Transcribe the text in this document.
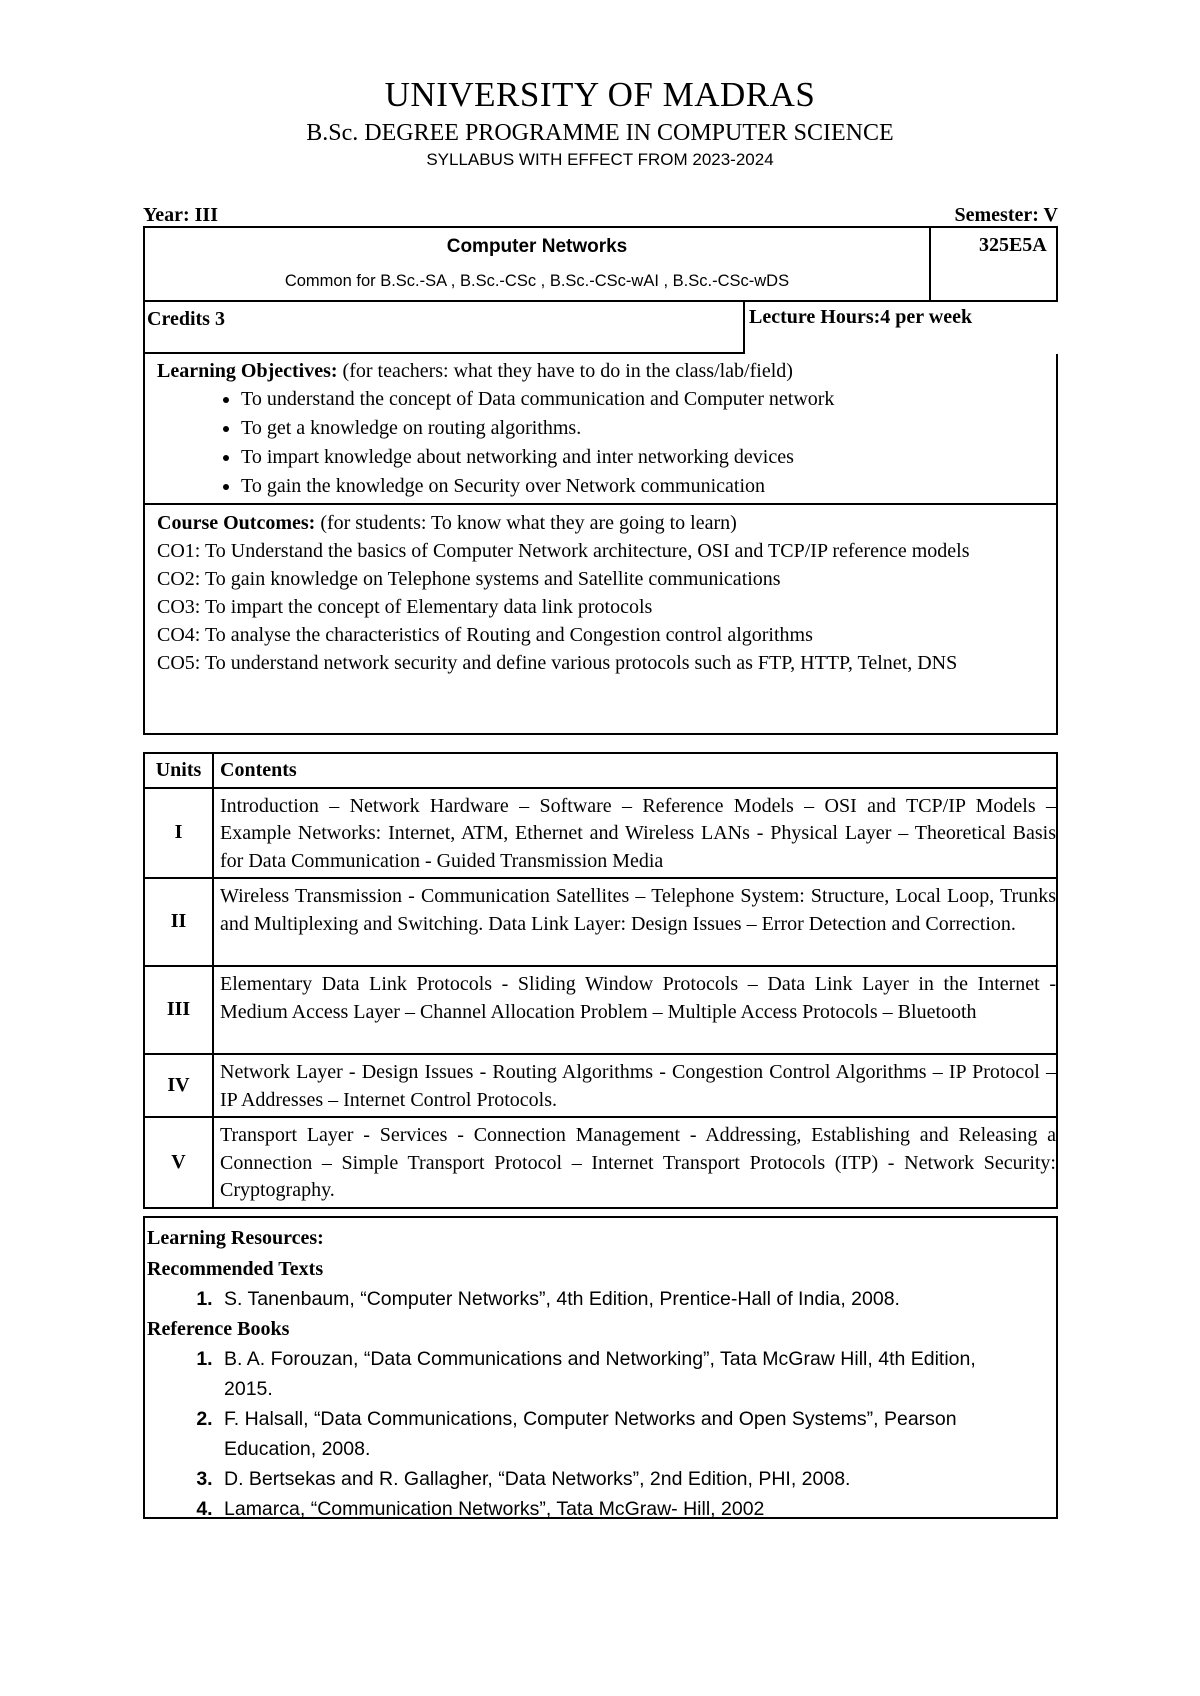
UNIVERSITY OF MADRAS
B.Sc. DEGREE PROGRAMME IN COMPUTER SCIENCE
SYLLABUS WITH EFFECT FROM 2023-2024
Year: III	Semester: V
Computer Networks
Common for B.Sc.-SA , B.Sc.-CSc , B.Sc.-CSc-wAI , B.Sc.-CSc-wDS
	325E5A
Credits 3

Learning Objectives: (for teachers: what they have to do in the class/lab/field)
• To understand the concept of Data communication and Computer network
• To get a knowledge on routing algorithms.
• To impart knowledge about networking and inter networking devices
• To gain the knowledge on Security over Network communication

Course Outcomes: (for students: To know what they are going to learn)
CO1: To Understand the basics of Computer Network architecture, OSI and TCP/IP reference models
CO2: To gain knowledge on Telephone systems and Satellite communications
CO3: To impart the concept of Elementary data link protocols
CO4: To analyse the characteristics of Routing and Congestion control algorithms
CO5: To understand network security and define various protocols such as FTP, HTTP, Telnet, DNS
Lecture Hours:4 per week
Units	Contents
I	Introduction – Network Hardware – Software – Reference Models – OSI and TCP/IP Models – Example Networks: Internet, ATM, Ethernet and Wireless LANs - Physical Layer – Theoretical Basis for Data Communication - Guided Transmission Media
II	Wireless Transmission - Communication Satellites – Telephone System: Structure, Local Loop, Trunks and Multiplexing and Switching. Data Link Layer: Design Issues – Error Detection and Correction.
III	Elementary Data Link Protocols - Sliding Window Protocols – Data Link Layer in the Internet - Medium Access Layer – Channel Allocation Problem – Multiple Access Protocols – Bluetooth
IV	Network Layer - Design Issues - Routing Algorithms - Congestion Control Algorithms – IP Protocol – IP Addresses – Internet Control Protocols.
V	Transport Layer - Services - Connection Management - Addressing, Establishing and Releasing a Connection – Simple Transport Protocol – Internet Transport Protocols (ITP) - Network Security: Cryptography.
Learning Resources:
Recommended Texts
1. S. Tanenbaum, “Computer Networks”, 4th Edition, Prentice-Hall of India, 2008.
Reference Books
1. B. A. Forouzan, “Data Communications and Networking”, Tata McGraw Hill, 4th Edition, 2015.
2. F. Halsall, “Data Communications, Computer Networks and Open Systems”, Pearson Education, 2008.
3. D. Bertsekas and R. Gallagher, “Data Networks”, 2nd Edition, PHI, 2008.
4. Lamarca, “Communication Networks”, Tata McGraw- Hill, 2002
